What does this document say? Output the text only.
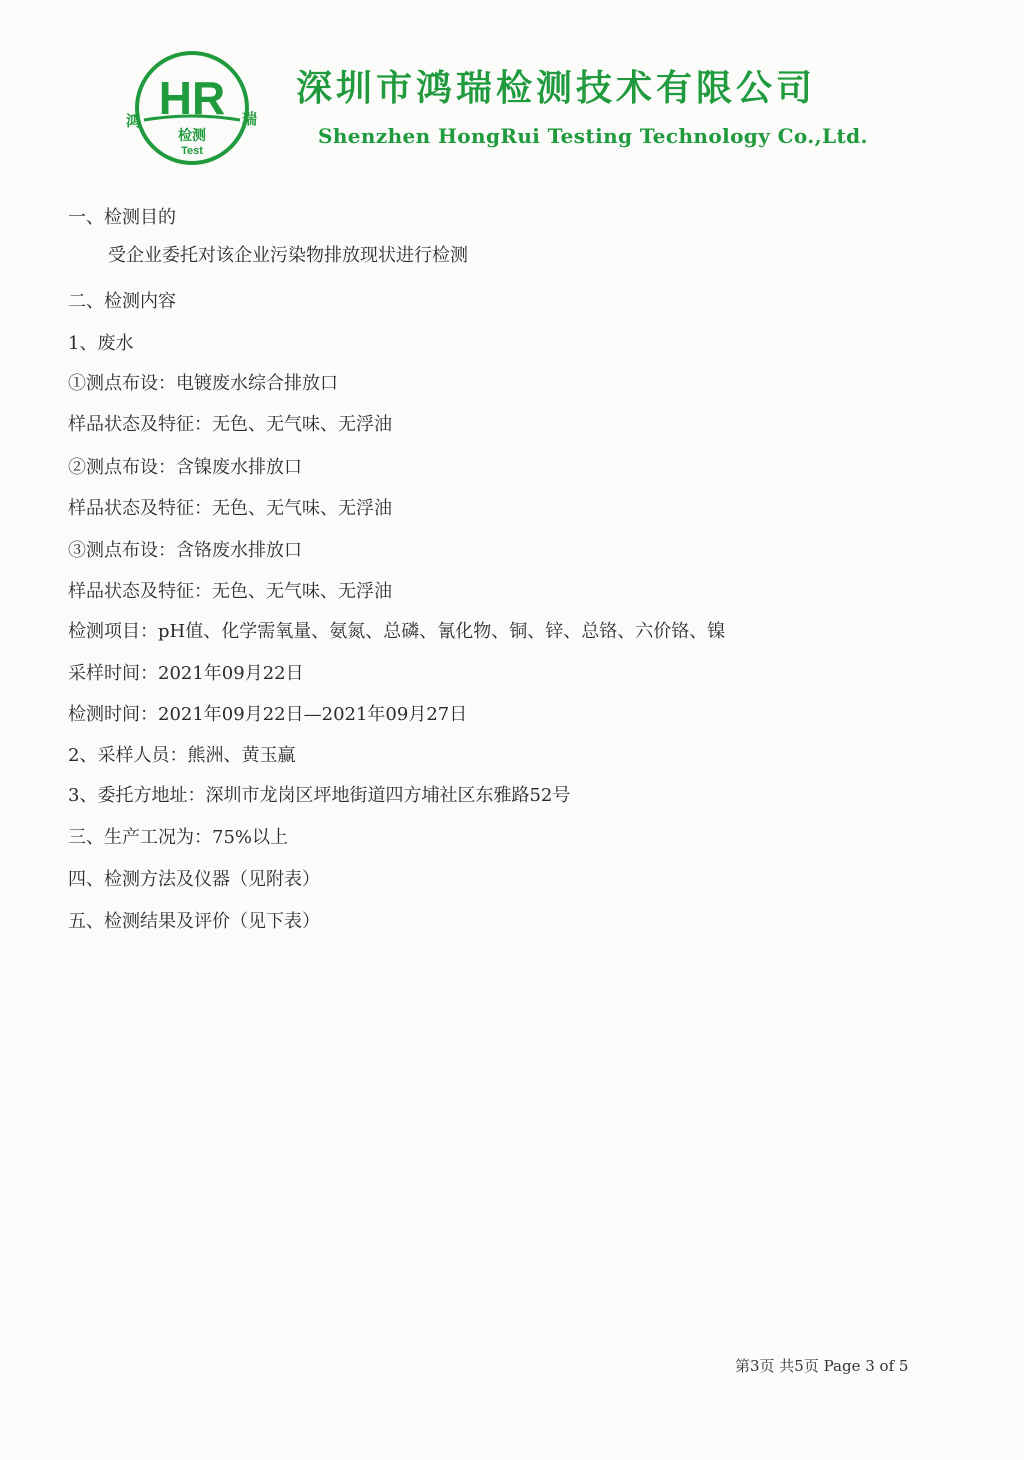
HR
鸿	瑞
检测
Test
深圳市鸿瑞检测技术有限公司
Shenzhen HongRui Testing Technology Co.,Ltd.
一、检测目的
受企业委托对该企业污染物排放现状进行检测
二、检测内容
1、废水
①测点布设：电镀废水综合排放口
样品状态及特征：无色、无气味、无浮油
②测点布设：含镍废水排放口
样品状态及特征：无色、无气味、无浮油
③测点布设：含铬废水排放口
样品状态及特征：无色、无气味、无浮油
检测项目：pH值、化学需氧量、氨氮、总磷、氰化物、铜、锌、总铬、六价铬、镍
采样时间：2021年09月22日
检测时间：2021年09月22日—2021年09月27日
2、采样人员：熊洲、黄玉赢
3、委托方地址：深圳市龙岗区坪地街道四方埔社区东雅路52号
三、生产工况为：75%以上
四、检测方法及仪器（见附表）
五、检测结果及评价（见下表）
第3页 共5页 Page 3 of 5
